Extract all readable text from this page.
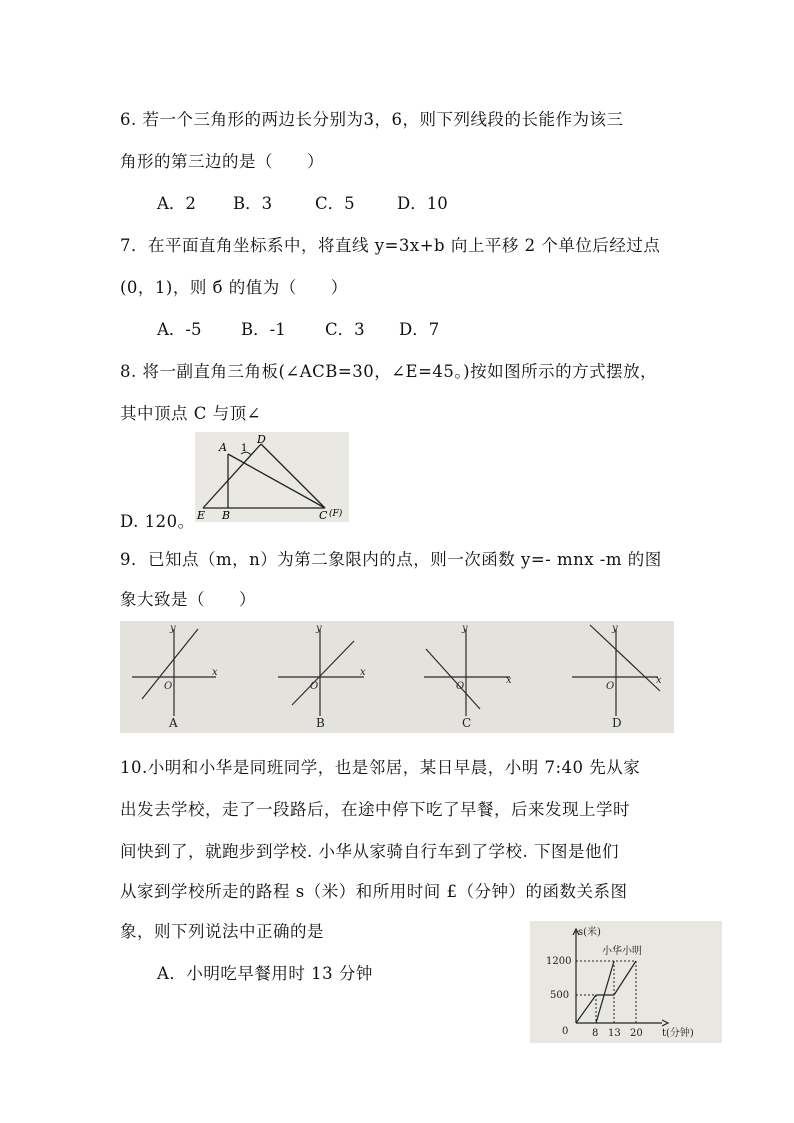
6. 若一个三角形的两边长分别为3，6，则下列线段的长能作为该三
角形的第三边的是（　　）
A．2 B．3	C．5	D．10
7．在平面直角坐标系中，将直线 y=3x+b 向上平移 2 个单位后经过点
(0，1)，则 б 的值为（　　）
A．-5 B．-1 C．3 D．7
8. 将一副直角三角板(∠ACB=30，∠E=45。)按如图所示的方式摆放，
其中顶点 C 与顶∠
A
D
1
E B	C (F)
D. 120。
9．已知点（m，n）为第二象限内的点，则一次函数 y=- mnx -m 的图
象大致是（　　）
y
x
O
y
x
O
y
x
O
y
x
O
A	B	C	D
10.小明和小华是同班同学，也是邻居，某日早晨，小明 7:40 先从家
出发去学校，走了一段路后，在途中停下吃了早餐，后来发现上学时
间快到了，就跑步到学校. 小华从家骑自行车到了学校. 下图是他们
从家到学校所走的路程 s（米）和所用时间 £（分钟）的函数关系图
象，则下列说法中正确的是
A．小明吃早餐用时 13 分钟
s(米)
小华小明
1200
500
0 8 13 20 t(分钟)
